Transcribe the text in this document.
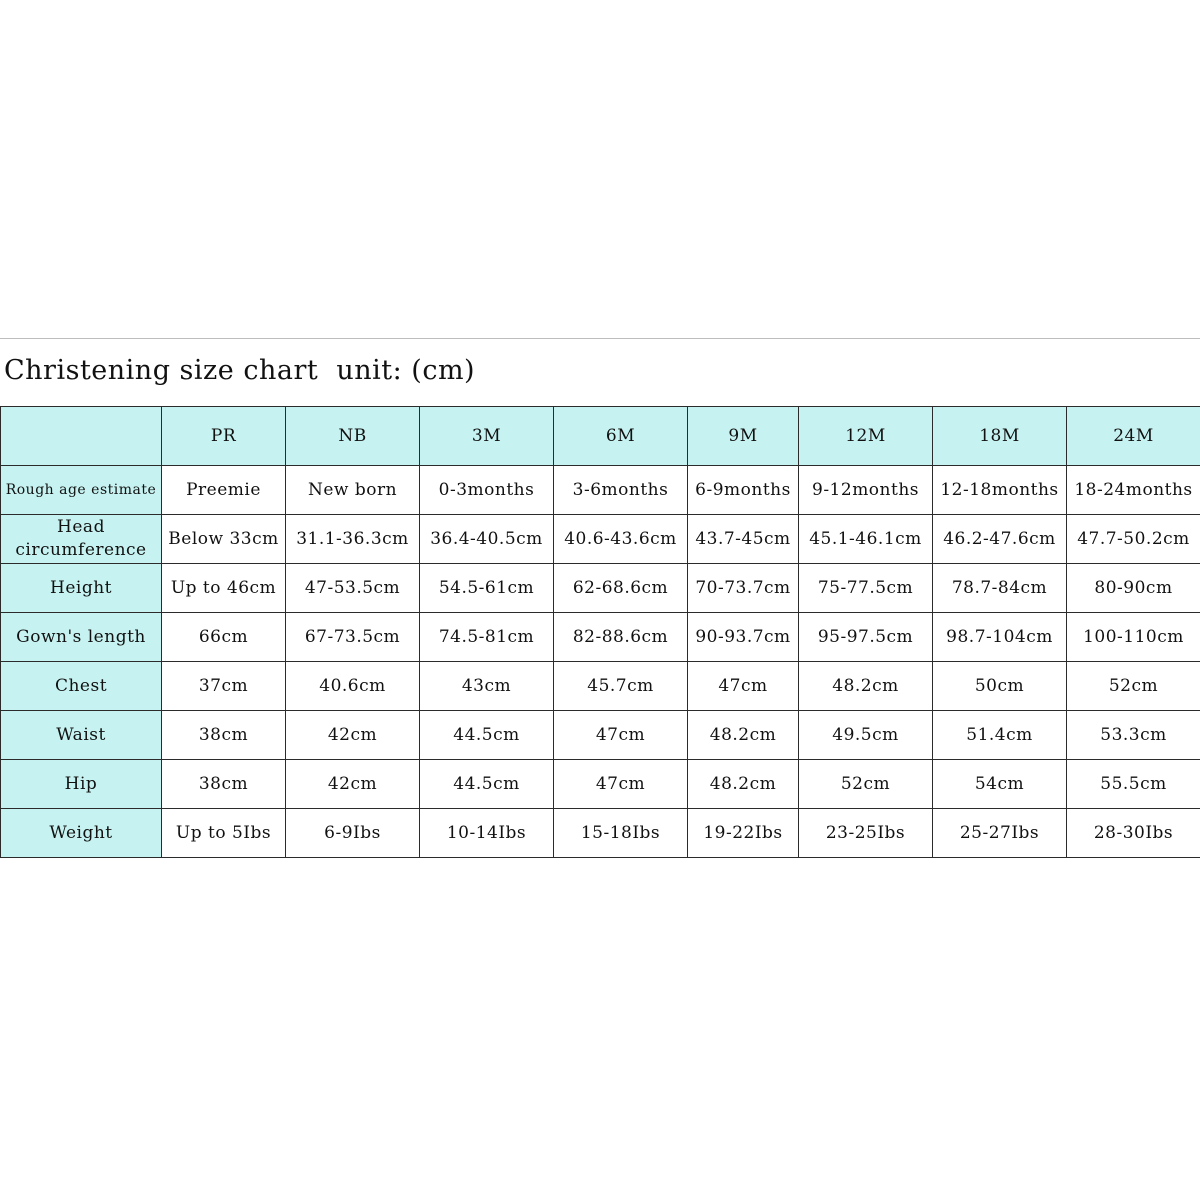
Christening size chart  unit: (cm)
	PR	NB	3M	6M	9M	12M	18M	24M
Rough age estimate	Preemie	New born	0-3months	3-6months	6-9months	9-12months	12-18months	18-24months
Head circumference	Below 33cm	31.1-36.3cm	36.4-40.5cm	40.6-43.6cm	43.7-45cm	45.1-46.1cm	46.2-47.6cm	47.7-50.2cm
Height	Up to 46cm	47-53.5cm	54.5-61cm	62-68.6cm	70-73.7cm	75-77.5cm	78.7-84cm	80-90cm
Gown's length	66cm	67-73.5cm	74.5-81cm	82-88.6cm	90-93.7cm	95-97.5cm	98.7-104cm	100-110cm
Chest	37cm	40.6cm	43cm	45.7cm	47cm	48.2cm	50cm	52cm
Waist	38cm	42cm	44.5cm	47cm	48.2cm	49.5cm	51.4cm	53.3cm
Hip	38cm	42cm	44.5cm	47cm	48.2cm	52cm	54cm	55.5cm
Weight	Up to 5Ibs	6-9Ibs	10-14Ibs	15-18Ibs	19-22Ibs	23-25Ibs	25-27Ibs	28-30Ibs
